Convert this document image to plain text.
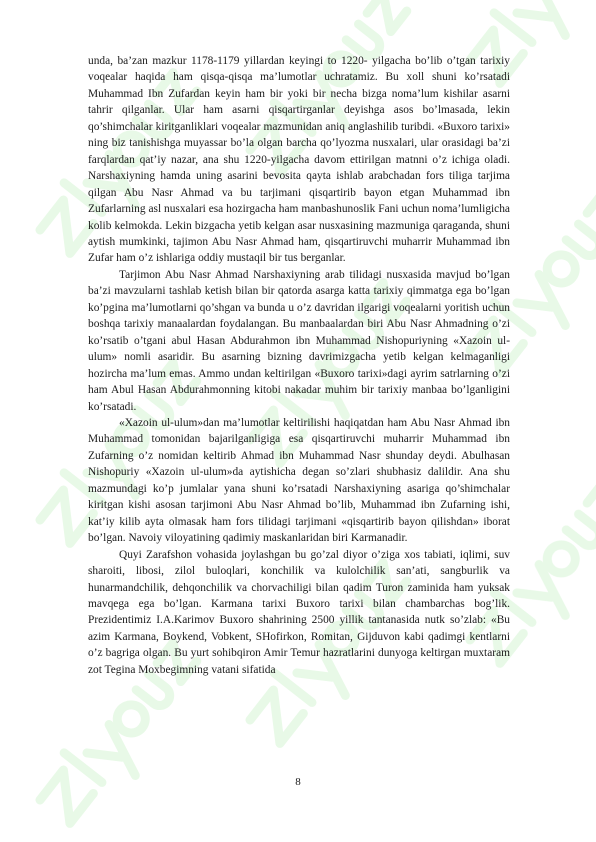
unda, ba’zan mazkur 1178-1179 yillardan keyingi to 1220- yilgacha bo’lib o’tgan tarixiy voqealar haqida ham qisqa-qisqa ma’lumotlar uchratamiz. Bu xoll shuni ko’rsatadi Muhammad Ibn Zufardan keyin ham bir yoki bir necha bizga noma’lum kishilar asarni tahrir qilganlar. Ular ham asarni qisqartirganlar deyishga asos bo’lmasada, lekin qo’shimchalar kiritganliklari voqealar mazmunidan aniq anglashilib turibdi. «Buxoro tarixi» ning biz tanishishga muyassar bo’la olgan barcha qo’lyozma nusxalari, ular orasidagi ba’zi farqlardan qat’iy nazar, ana shu 1220-yilgacha davom ettirilgan matnni o’z ichiga oladi. Narshaxiyning hamda uning asarini bevosita qayta ishlab arabchadan fors tiliga tarjima qilgan Abu Nasr Ahmad va bu tarjimani qisqartirib bayon etgan Muhammad ibn Zufarlarning asl nusxalari esa hozirgacha ham manbashunoslik Fani uchun noma’lumligicha kolib kelmokda. Lekin bizgacha yetib kelgan asar nusxasining mazmuniga qaraganda, shuni aytish mumkinki, tajimon Abu Nasr Ahmad ham, qisqartiruvchi muharrir Muhammad ibn Zufar ham o’z ishlariga oddiy mustaqil bir tus berganlar.

Tarjimon Abu Nasr Ahmad Narshaxiyning arab tilidagi nusxasida mavjud bo’lgan ba’zi mavzularni tashlab ketish bilan bir qatorda asarga katta tarixiy qimmatga ega bo’lgan ko’pgina ma’lumotlarni qo’shgan va bunda u o’z davridan ilgarigi voqealarni yoritish uchun boshqa tarixiy manaalardan foydalangan. Bu manbaalardan biri Abu Nasr Ahmadning o’zi ko’rsatib o’tgani abul Hasan Abdurahmon ibn Muhammad Nishopuriyning «Xazoin ul-ulum» nomli asaridir. Bu asarning bizning davrimizgacha yetib kelgan kelmaganligi hozircha ma’lum emas. Ammo undan keltirilgan «Buxoro tarixi»dagi ayrim satrlarning o’zi ham Abul Hasan Abdurahmonning kitobi nakadar muhim bir tarixiy manbaa bo’lganligini ko’rsatadi.

«Xazoin ul-ulum»dan ma’lumotlar keltirilishi haqiqatdan ham Abu Nasr Ahmad ibn Muhammad tomonidan bajarilganligiga esa qisqartiruvchi muharrir Muhammad ibn Zufarning o’z nomidan keltirib Ahmad ibn Muhammad Nasr shunday deydi. Abulhasan Nishopuriy «Xazoin ul-ulum»da aytishicha degan so’zlari shubhasiz dalildir. Ana shu mazmundagi ko’p jumlalar yana shuni ko’rsatadi Narshaxiyning asariga qo’shimchalar kiritgan kishi asosan tarjimoni Abu Nasr Ahmad bo’lib, Muhammad ibn Zufarning ishi, kat’iy kilib ayta olmasak ham fors tilidagi tarjimani «qisqartirib bayon qilishdan» iborat bo’lgan. Navoiy viloyatining qadimiy maskanlaridan biri Karmanadir.

Quyi Zarafshon vohasida joylashgan bu go’zal diyor o’ziga xos tabiati, iqlimi, suv sharoiti, libosi, zilol buloqlari, konchilik va kulolchilik san’ati, sangburlik va hunarmandchilik, dehqonchilik va chorvachiligi bilan qadim Turon zaminida ham yuksak mavqega ega bo’lgan. Karmana tarixi Buxoro tarixi bilan chambarchas bog’lik. Prezidentimiz I.A.Karimov Buxoro shahrining 2500 yillik tantanasida nutk so’zlab: «Bu azim Karmana, Boykend, Vobkent, SHofirkon, Romitan, Gijduvon kabi qadimgi kentlarni o’z bagriga olgan. Bu yurt sohibqiron Amir Temur hazratlarini dunyoga keltirgan muxtaram zot Tegina Moxbegimning vatani sifatida

8
